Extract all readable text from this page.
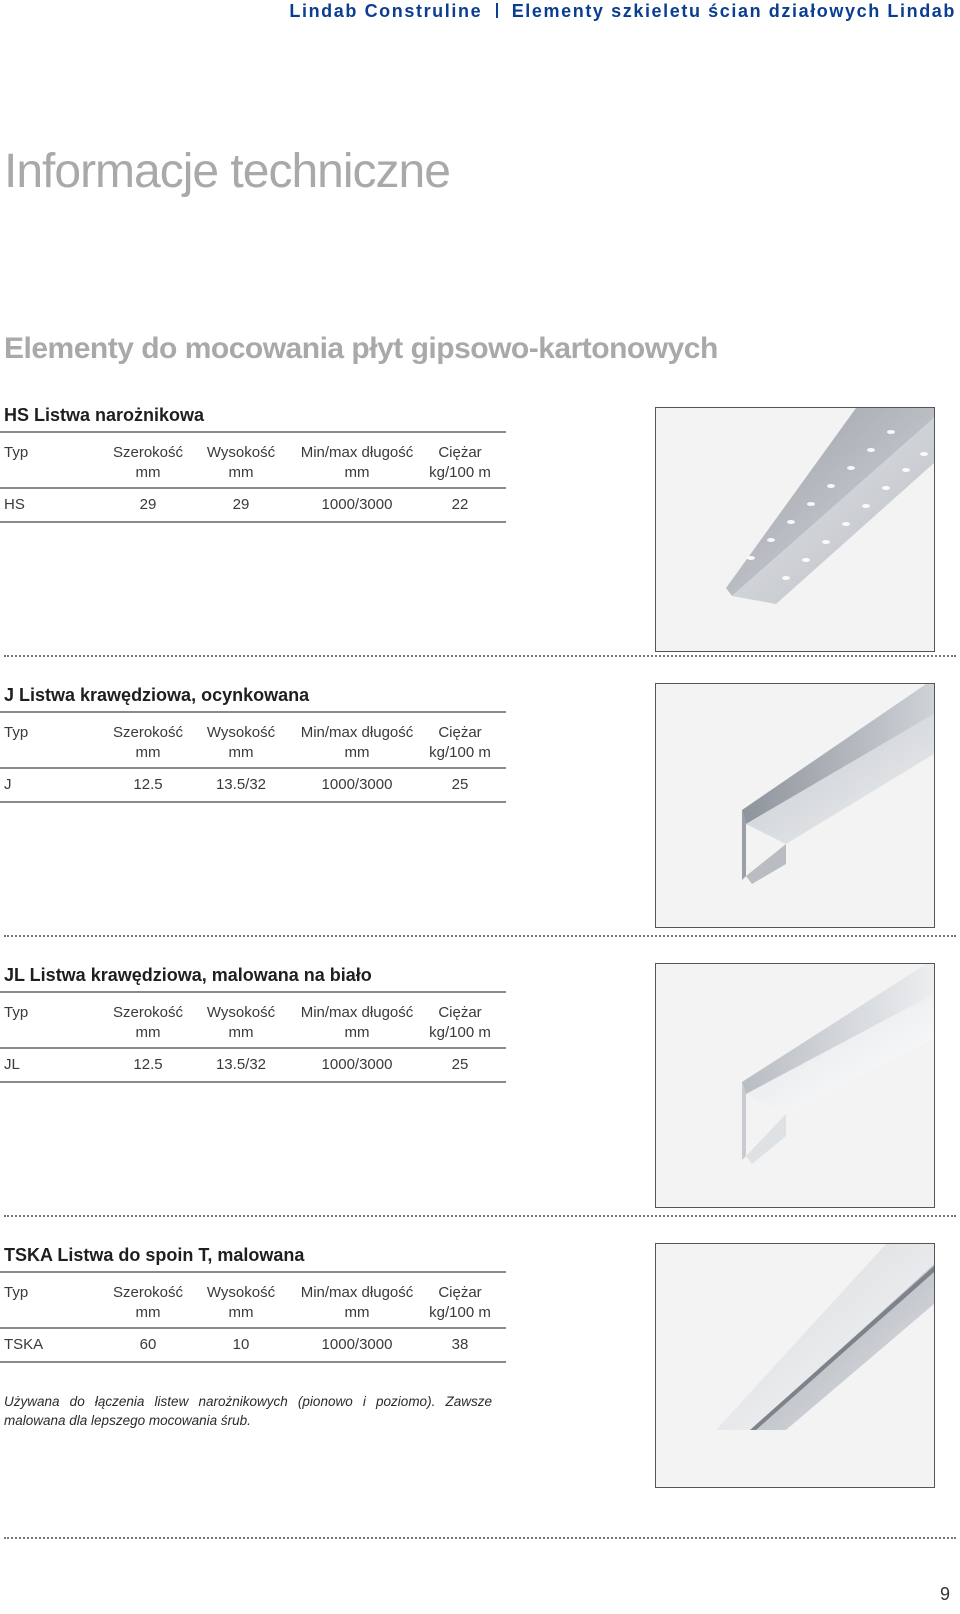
Lindab Construline Elementy szkieletu ścian działowych Lindab
Informacje techniczne
Elementy do mocowania płyt gipsowo-kartonowych
HS Listwa narożnikowa
Typ	Szerokość	Wysokość	Min/max długość	Ciężar
mm	mm	mm	kg/100 m
HS	29	29	1000/3000	22
J Listwa krawędziowa, ocynkowana
Typ	Szerokość	Wysokość	Min/max długość	Ciężar
mm	mm	mm	kg/100 m
J	12.5	13.5/32	1000/3000	25
JL Listwa krawędziowa, malowana na biało
Typ	Szerokość	Wysokość	Min/max długość	Ciężar
mm	mm	mm	kg/100 m
JL	12.5	13.5/32	1000/3000	25
TSKA Listwa do spoin T, malowana
Typ	Szerokość	Wysokość	Min/max długość	Ciężar
mm	mm	mm	kg/100 m
TSKA	60	10	1000/3000	38

Używana do łączenia listew narożnikowych (pionowo i poziomo). Zawsze malowana dla lepszego mocowania śrub.

9
